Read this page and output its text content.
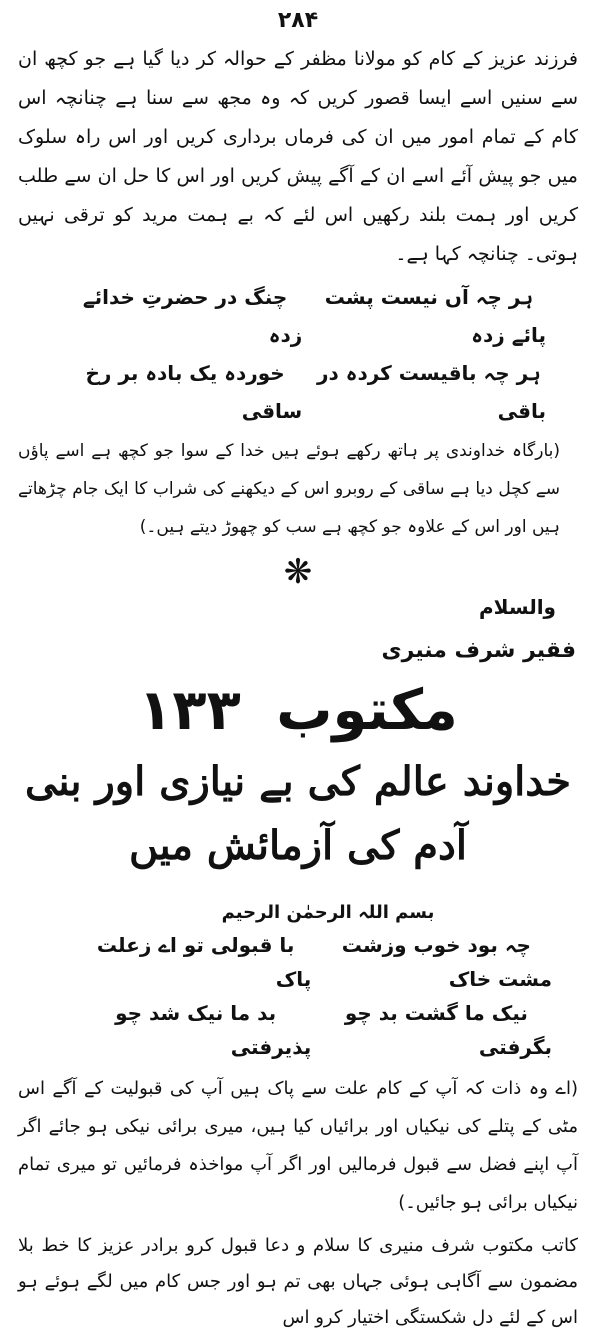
۲۸۴

فرزند عزیز کے کام کو مولانا مظفر کے حوالہ کر دیا گیا ہے جو کچھ ان سے سنیں اسے ایسا قصور کریں کہ وہ مجھ سے سنا ہے چنانچہ اس کام کے تمام امور میں ان کی فرماں برداری کریں اور اس راہ سلوک میں جو پیش آئے اسے ان کے آگے پیش کریں اور اس کا حل ان سے طلب کریں اور ہمت بلند رکھیں اس لئے کہ بے ہمت مرید کو ترقی نہیں ہوتی۔ چنانچہ کہا ہے۔

چنگ در حضرتِ خدائے زدہ
ہر چہ آں نیست پشت پائے زدہ
خوردہ یک بادہ بر رخ ساقی
ہر چہ باقیست کردہ در باقی

(بارگاہ خداوندی پر ہاتھ رکھے ہوئے ہیں خدا کے سوا جو کچھ ہے اسے پاؤں سے کچل دیا ہے ساقی کے روبرو اس کے دیکھنے کی شراب کا ایک جام چڑھاتے ہیں اور اس کے علاوہ جو کچھ ہے سب کو چھوڑ دیتے ہیں۔)

❋
والسلام
فقیر شرف منیری
مکتوب ۱۳۳
خداوند عالم کی بے نیازی اور بنی آدم کی آزمائش میں
بسم اللہ الرحمٰن الرحیم
با قبولی تو اے زعلت پاک
چہ بود خوب وزشت مشت خاک
بد ما نیک شد چو پذیرفتی
نیک ما گشت بد چو بگرفتی

(اے وہ ذات کہ آپ کے کام علت سے پاک ہیں آپ کی قبولیت کے آگے اس مٹی کے پتلے کی نیکیاں اور برائیاں کیا ہیں، میری برائی نیکی ہو جائے اگر آپ اپنے فضل سے قبول فرمالیں اور اگر آپ مواخذہ فرمائیں تو میری تمام نیکیاں برائی ہو جائیں۔)

کاتب مکتوب شرف منیری کا سلام و دعا قبول کرو برادر عزیز کا خط بلا مضمون سے آگاہی ہوئی جہاں بھی تم ہو اور جس کام میں لگے ہوئے ہو اس کے لئے دل شکستگی اختیار کرو اس
